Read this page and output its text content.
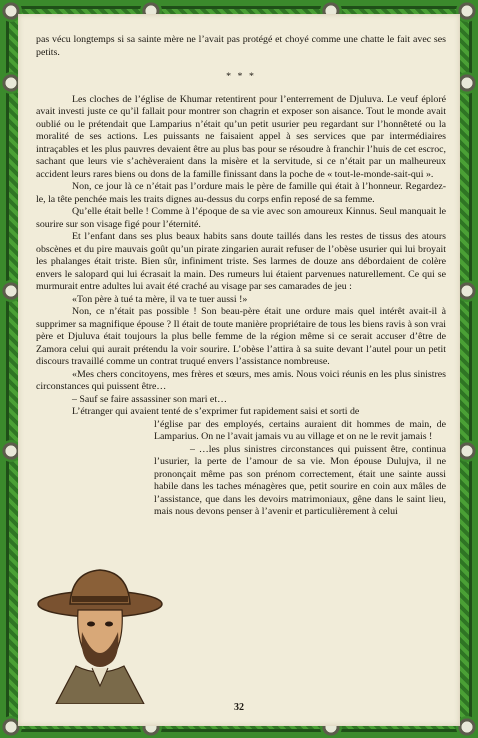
pas vécu longtemps si sa sainte mère ne l’avait pas protégé et choyé comme une chatte le fait avec ses petits.

* * *

Les cloches de l’église de Khumar retentirent pour l’enterrement de Djuluva. Le veuf éploré avait investi juste ce qu’il fallait pour montrer son chagrin et exposer son aisance. Tout le monde avait oublié ou le prétendait que Lamparius n’était qu’un petit usurier peu regardant sur l’honnêteté ou la moralité de ses actions. Les puissants ne faisaient appel à ses services que par intermédiaires intraçables et les plus pauvres devaient être au plus bas pour se résoudre à franchir l’huis de cet escroc, sachant que leurs vie s’achèveraient dans la misère et la servitude, si ce n’était par un malheureux accident leurs rares biens ou dons de la famille finissant dans la poche de « tout-le-monde-sait-qui ».

Non, ce jour là ce n’était pas l’ordure mais le père de famille qui était à l’honneur. Regardez-le, la tête penchée mais les traits dignes au-dessus du corps enfin reposé de sa femme.

Qu’elle était belle ! Comme à l’époque de sa vie avec son amoureux Kinnus. Seul manquait le sourire sur son visage figé pour l’éternité.

Et l’enfant dans ses plus beaux habits sans doute taillés dans les restes de tissus des atours obscènes et du pire mauvais goût qu’un pirate zingarien aurait refuser de l’obèse usurier qui lui broyait les phalanges était triste. Bien sûr, infiniment triste. Ses larmes de douze ans débordaient de colère envers le salopard qui lui écrasait la main. Des rumeurs lui étaient parvenues naturellement. Ce qui se murmurait entre adultes lui avait été craché au visage par ses camarades de jeu :

«Ton père à tué ta mère, il va te tuer aussi !»

Non, ce n’était pas possible ! Son beau-père était une ordure mais quel intérêt avait-il à supprimer sa magnifique épouse ? Il était de toute manière propriétaire de tous les biens ravis à son vrai père et Djuluva était toujours la plus belle femme de la région même si ce serait accuser d’être de Zamora celui qui aurait prétendu la voir sourire. L’obèse l’attira à sa suite devant l’autel pour un petit discours travaillé comme un contrat truqué envers l’assistance nombreuse.

«Mes chers concitoyens, mes frères et sœurs, mes amis. Nous voici réunis en les plus sinistres circonstances qui puissent être…

– Sauf se faire assassiner son mari et…

L’étranger qui avaient tenté de s’exprimer fut rapidement saisi et sorti de

l’église par des employés, certains auraient dit hommes de main, de Lamparius. On ne l’avait jamais vu au village et on ne le revit jamais !

– …les plus sinistres circonstances qui puissent être, continua l’usurier, la perte de l’amour de sa vie. Mon épouse Dulujva, il ne prononçait même pas son prénom correctement, était une sainte aussi habile dans les taches ménagères que, petit sourire en coin aux mâles de l’assistance, que dans les devoirs matrimoniaux, gêne dans le saint lieu, mais nous devons penser à l’avenir et particulièrement à celui

32
